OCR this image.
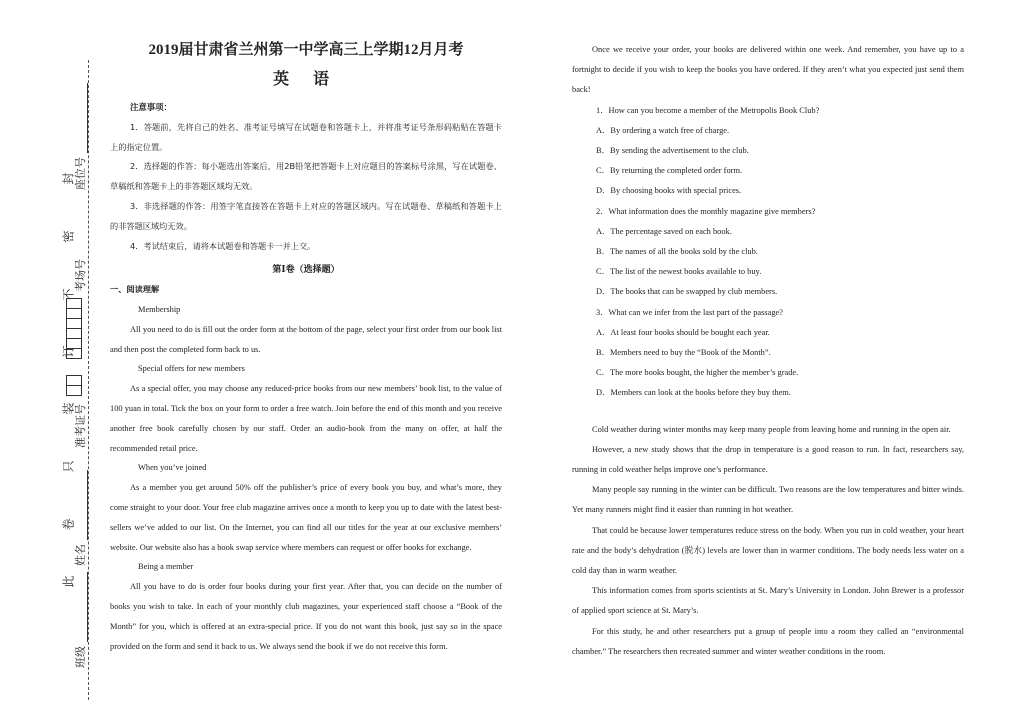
封
密
不
订
装
只
卷
此
座位号
考场号
准考证号
姓名
班级
2019届甘肃省兰州第一中学高三上学期12月月考
英 语
注意事项：

1．答题前，先将自己的姓名、准考证号填写在试题卷和答题卡上，并将准考证号条形码粘贴在答题卡上的指定位置。

2．选择题的作答：每小题选出答案后，用2B铅笔把答题卡上对应题目的答案标号涂黑，写在试题卷、草稿纸和答题卡上的非答题区域均无效。

3．非选择题的作答：用签字笔直接答在答题卡上对应的答题区域内。写在试题卷、草稿纸和答题卡上的非答题区域均无效。

4．考试结束后，请将本试题卷和答题卡一并上交。

第Ⅰ卷（选择题）
一、阅读理解

Membership

All you need to do is fill out the order form at the bottom of the page, select your first order from our book list and then post the completed form back to us.

Special offers for new members

As a special offer, you may choose any reduced-price books from our new members’ book list, to the value of 100 yuan in total. Tick the box on your form to order a free watch. Join before the end of this month and you receive another free book carefully chosen by our staff. Order an audio-book from the many on offer, at half the recommended retail price.

When you’ve joined

As a member you get around 50% off the publisher’s price of every book you buy, and what’s more, they come straight to your door. Your free club magazine arrives once a month to keep you up to date with the latest best-sellers we’ve added to our list. On the Internet, you can find all our titles for the year at our exclusive members’ website. Our website also has a book swap service where members can request or offer books for exchange.

Being a member

All you have to do is order four books during your first year. After that, you can decide on the number of books you wish to take. In each of your monthly club magazines, your experienced staff choose a “Book of the Month” for you, which is offered at an extra-special price. If you do not want this book, just say so in the space provided on the form and send it back to us. We always send the book if we do not receive this form.

Once we receive your order, your books are delivered within one week. And remember, you have up to a fortnight to decide if you wish to keep the books you have ordered. If they aren’t what you expected just send them back!

1．How can you become a member of the Metropolis Book Club?

A．By ordering a watch free of charge.

B．By sending the advertisement to the club.

C．By returning the completed order form.

D．By choosing books with special prices.

2．What information does the monthly magazine give members?

A．The percentage saved on each book.

B．The names of all the books sold by the club.

C．The list of the newest books available to buy.

D．The books that can be swapped by club members.

3．What can we infer from the last part of the passage?

A．At least four books should be bought each year.

B．Members need to buy the “Book of the Month”.

C．The more books bought, the higher the member’s grade.

D．Members can look at the books before they buy them.

Cold weather during winter months may keep many people from leaving home and running in the open air.

However, a new study shows that the drop in temperature is a good reason to run. In fact, researchers say, running in cold weather helps improve one’s performance.

Many people say running in the winter can be difficult. Two reasons are the low temperatures and bitter winds. Yet many runners might find it easier than running in hot weather.

That could be because lower temperatures reduce stress on the body. When you run in cold weather, your heart rate and the body’s dehydration (脱水) levels are lower than in warmer conditions. The body needs less water on a cold day than in warm weather.

This information comes from sports scientists at St. Mary’s University in London. John Brewer is a professor of applied sport science at St. Mary’s.

For this study, he and other researchers put a group of people into a room they called an “environmental chamber.” The researchers then recreated summer and winter weather conditions in the room.
